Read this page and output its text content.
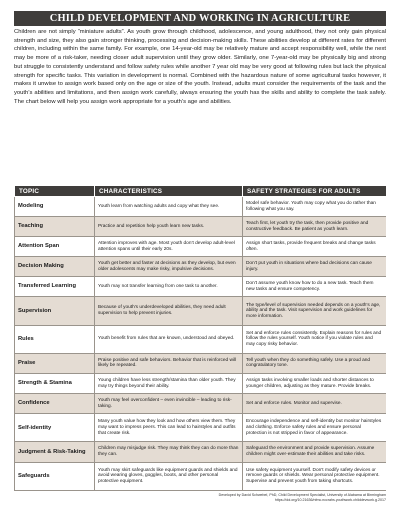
CHILD DEVELOPMENT AND WORKING IN AGRICULTURE

Children are not simply “miniature adults”. As youth grow through childhood, adolescence, and young adulthood, they not only gain physical strength and size, they also gain stronger thinking, processing and decision-making skills. These abilities develop at different rates for different children, including within the same family. For example, one 14-year-old may be relatively mature and accept responsibility well, while the next may be more of a risk-taker, needing closer adult supervision until they grow older. Similarly, one 7-year-old may be physically big and strong but struggle to consistently understand and follow safety rules while another 7 year old may be very good at following rules but lack the physical strength for specific tasks. This variation in development is normal. Combined with the hazardous nature of some agricultural tasks however, it makes it unwise to assign work based only on the age or size of the youth. Instead, adults must consider the requirements of the task and the youth’s abilities and limitations, and then assign work carefully, always ensuring the youth has the skills and ability to complete the task safely. The chart below will help you assign work appropriate for a youth’s age and abilities.

TOPIC	CHARACTERISTICS	SAFETY STRATEGIES FOR ADULTS
Modeling	Youth learn from watching adults and copy what they see.	Model safe behavior. Youth may copy what you do rather than following what you say.
Teaching	Practice and repetition help youth learn new tasks.	Teach first, let youth try the task, then provide positive and constructive feedback. Be patient as youth learn.
Attention Span	Attention improves with age. Most youth don’t develop adult-level attention spans until their early 20s.	Assign short tasks, provide frequent breaks and change tasks often.
Decision Making	Youth get better and faster at decisions as they develop, but even older adolescents may make risky, impulsive decisions.	Don’t put youth in situations where bad decisions can cause injury.
Transferred Learning	Youth may not transfer learning from one task to another.	Don’t assume youth know how to do a new task. Teach them new tasks and ensure competency.
Supervision	Because of youth’s underdeveloped abilities, they need adult supervision to help prevent injuries.	The type/level of supervision needed depends on a youth’s age, ability and the task. Visit supervision and work guidelines for more information.
Rules	Youth benefit from rules that are known, understood and obeyed.	Set and enforce rules consistently. Explain reasons for rules and follow the rules yourself. Youth notice if you violate rules and may copy risky behavior.
Praise	Praise positive and safe behaviors. Behavior that is reinforced will likely be repeated.	Tell youth when they do something safely. Use a proud and congratulatory tone.
Strength & Stamina	Young children have less strength/stamina than older youth. They may try things beyond their ability.	Assign tasks involving smaller loads and shorter distances to younger children, adjusting as they mature. Provide breaks.
Confidence	Youth may feel overconfident – even invincible – leading to risk-taking.	Set and enforce rules. Monitor and supervise.
Self-identity	Many youth value how they look and how others view them. They may want to impress peers. This can lead to hairstyles and outfits that create risk.	Encourage independence and self-identity but monitor hairstyles and clothing. Enforce safety rules and ensure personal protection is not stripped in favor of appearance.
Judgment & Risk-Taking	Children may misjudge risk. They may think they can do more than they can.	Safeguard the environment and provide supervision. Assume children might over-estimate their abilities and take risks.
Safeguards	Youth may skirt safeguards like equipment guards and shields and avoid wearing gloves, goggles, boots, and other personal protective equipment.	Use safety equipment yourself. Don’t modify safety devices or remove guards or shields. Wear personal protective equipment. Supervise and prevent youth from taking shortcuts.
Developed by David Schwebel, PhD, Child Development Specialist, University of Alabama at Birmingham
https://doi.org/10.21636/nfmc.nccrahs.youthwork.childdevwork.g.2017
